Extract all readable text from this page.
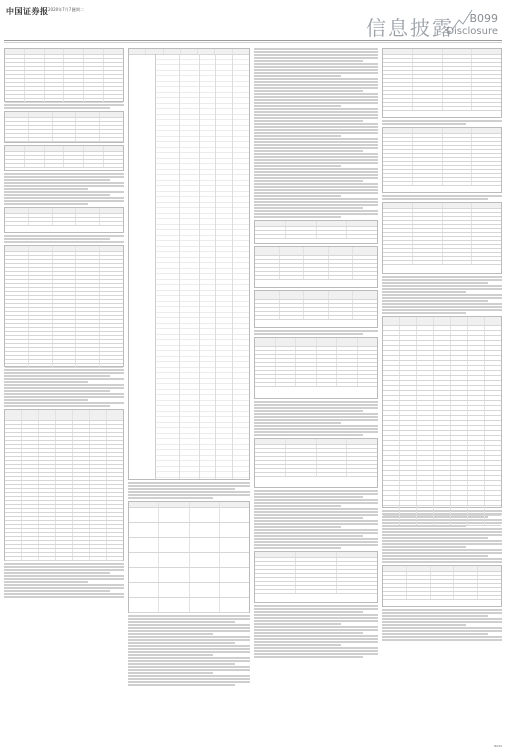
中国证券报 2020年7月7日
星期二
信息披露 B099
Disclosure
B099
